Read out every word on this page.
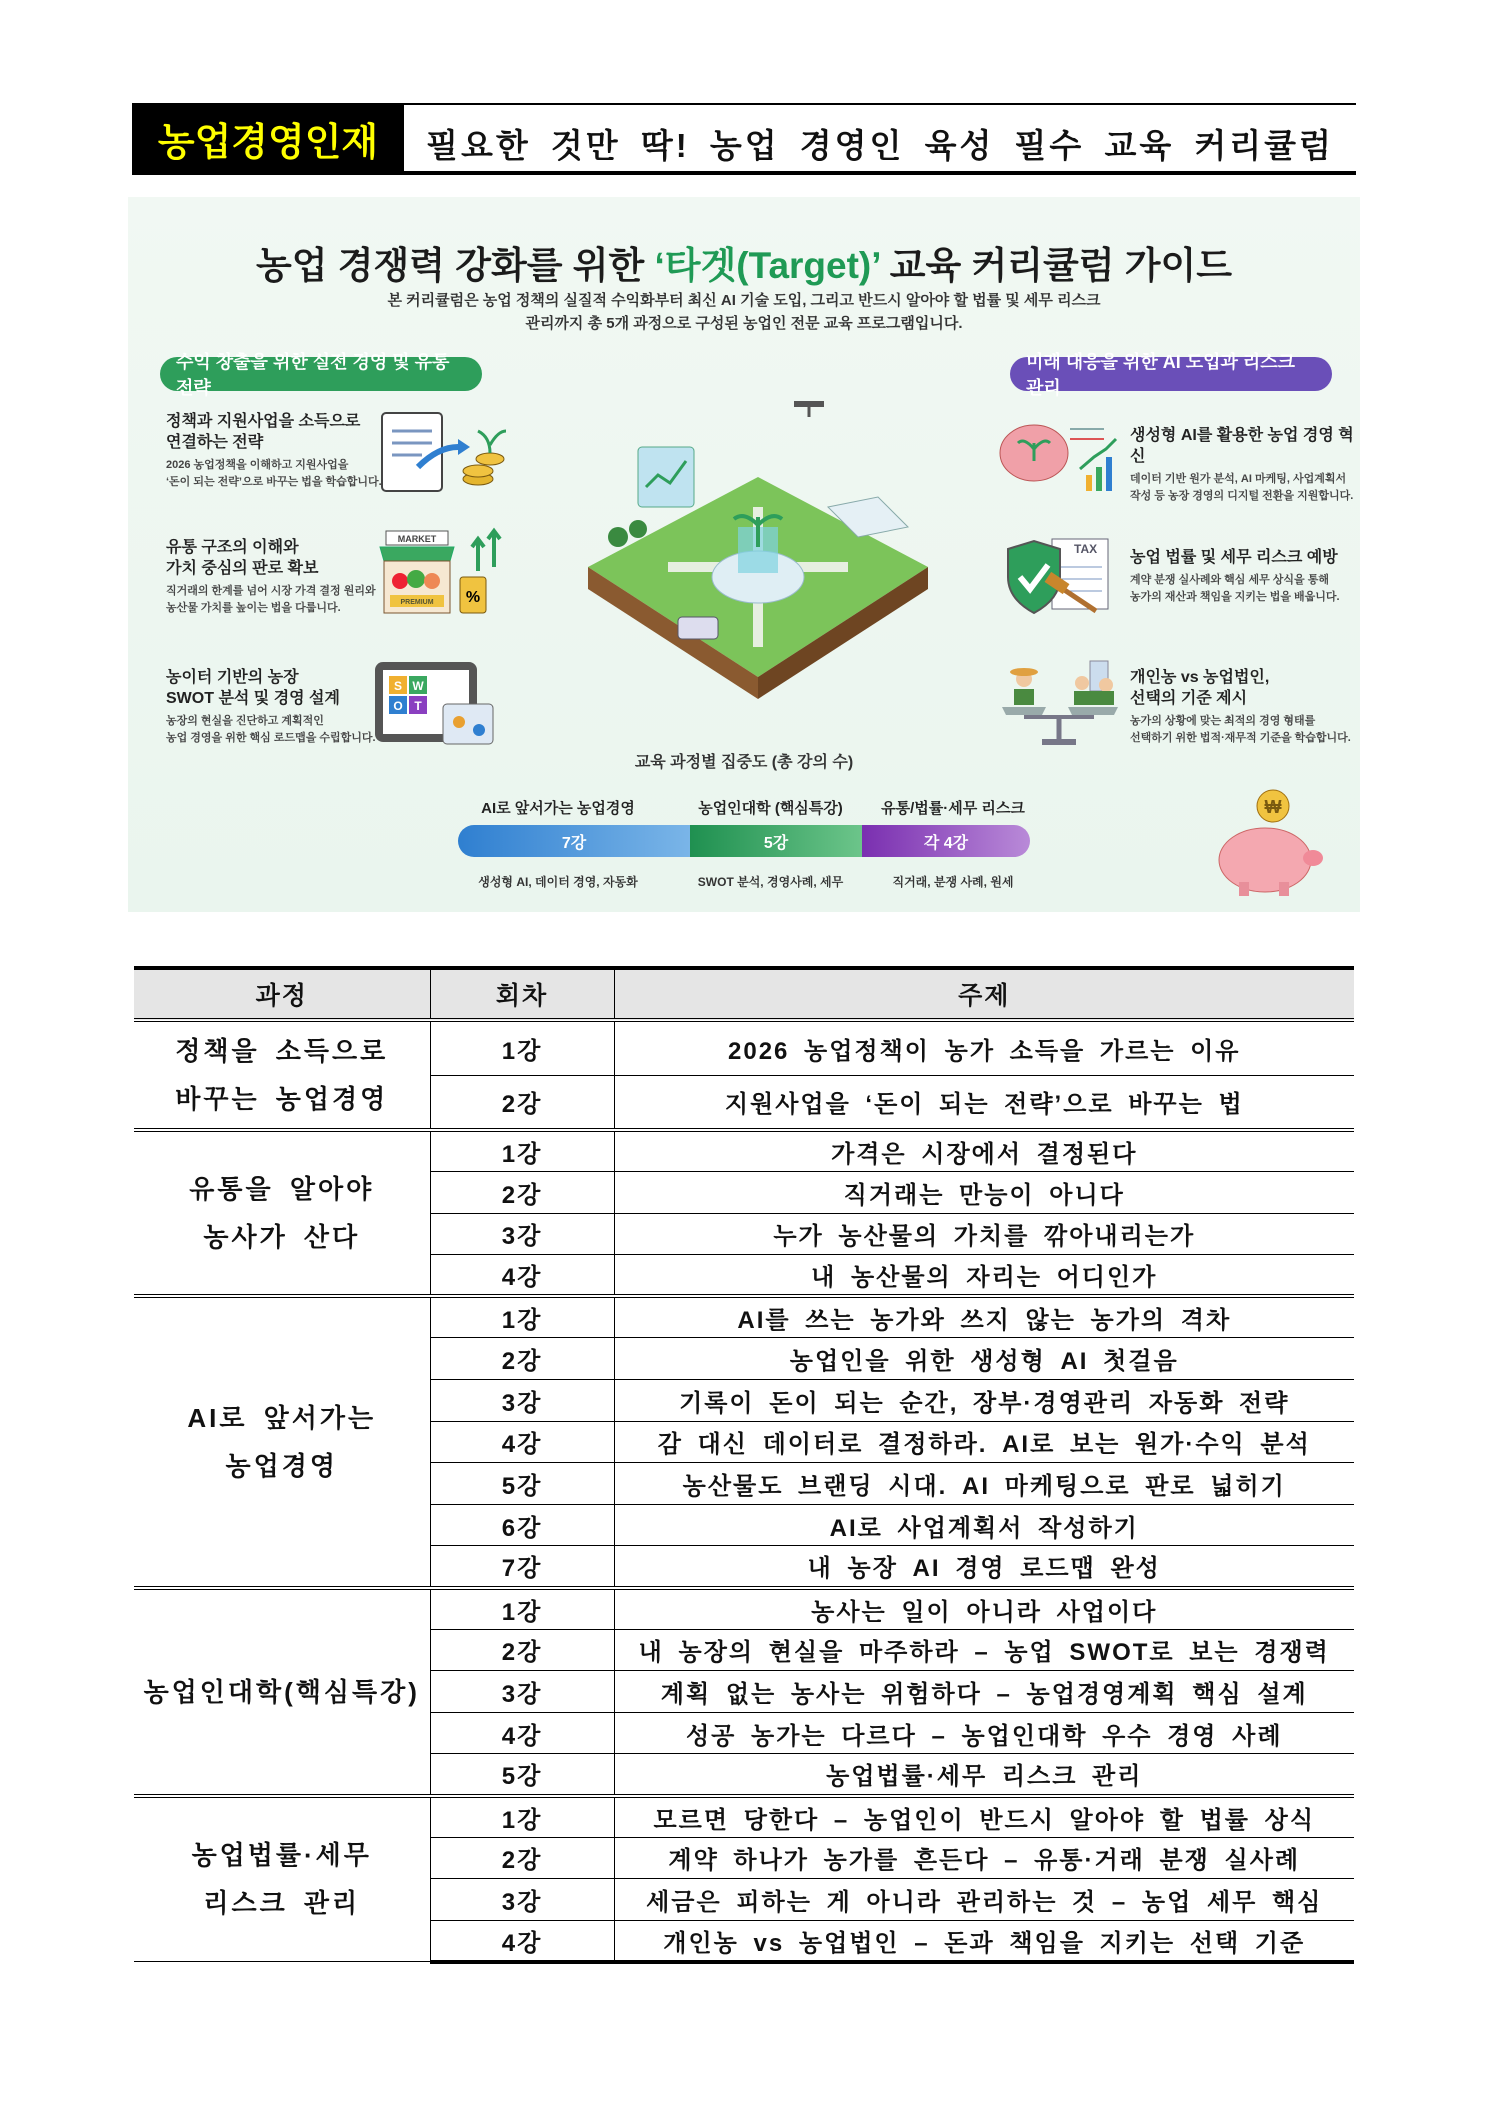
농업경영인재	필요한 것만 딱! 농업 경영인 육성 필수 교육 커리큘럼
농업 경쟁력 강화를 위한 ‘타겟(Target)’ 교육 커리큘럼 가이드
본 커리큘럼은 농업 정책의 실질적 수익화부터 최신 AI 기술 도입, 그리고 반드시 알아야 할 법률 및 세무 리스크
관리까지 총 5개 과정으로 구성된 농업인 전문 교육 프로그램입니다.
수익 창출을 위한 실전 경영 및 유통 전략
미래 대응을 위한 AI 도입과 리스크 관리
정책과 지원사업을 소득으로
연결하는 전략
2026 농업정책을 이해하고 지원사업을
‘돈이 되는 전략’으로 바꾸는 법을 학습합니다.
유통 구조의 이해와
가치 중심의 판로 확보
직거래의 한계를 넘어 시장 가격 결정 원리와
농산물 가치를 높이는 법을 다룹니다.
MARKET
PREMIUM %
농이터 기반의 농장
SWOT 분석 및 경영 설계
농장의 현실을 진단하고 계획적인
농업 경영을 위한 핵심 로드맵을 수립합니다.
S W
O T
생성형 AI를 활용한 농업 경영 혁신
데이터 기반 원가 분석, AI 마케팅, 사업계획서
작성 등 농장 경영의 디지털 전환을 지원합니다.
TAX 농업 법률 및 세무 리스크 예방
계약 분쟁 실사례와 핵심 세무 상식을 통해
농가의 재산과 책임을 지키는 법을 배웁니다.
개인농 vs 농업법인,
선택의 기준 제시
농가의 상황에 맞는 최적의 경영 형태를
선택하기 위한 법적·재무적 기준을 학습합니다.
교육 과정별 집중도 (총 강의 수)
AI로 앞서가는 농업경영	농업인대학 (핵심특강)	유통/법률·세무 리스크
7강	5강	각 4강
생성형 AI, 데이터 경영, 자동화	SWOT 분석, 경영사례, 세무	직거래, 분쟁 사례, 원세
₩
과정	회차	주제

정책을 소득으로
바꾸는 농업경영	1강	2026 농업정책이 농가 소득을 가르는 이유
	2강	지원사업을 ‘돈이 되는 전략’으로 바꾸는 법

유통을 알아야
농사가 산다	1강	가격은 시장에서 결정된다
	2강	직거래는 만능이 아니다
	3강	누가 농산물의 가치를 깎아내리는가
	4강	내 농산물의 자리는 어디인가

AI로 앞서가는
농업경영	1강	AI를 쓰는 농가와 쓰지 않는 농가의 격차
	2강	농업인을 위한 생성형 AI 첫걸음
	3강	기록이 돈이 되는 순간, 장부·경영관리 자동화 전략
	4강	감 대신 데이터로 결정하라. AI로 보는 원가·수익 분석
	5강	농산물도 브랜딩 시대. AI 마케팅으로 판로 넓히기
	6강	AI로 사업계획서 작성하기
	7강	내 농장 AI 경영 로드맵 완성

농업인대학(핵심특강)	1강	농사는 일이 아니라 사업이다
	2강	내 농장의 현실을 마주하라 – 농업 SWOT로 보는 경쟁력
	3강	계획 없는 농사는 위험하다 – 농업경영계획 핵심 설계
	4강	성공 농가는 다르다 – 농업인대학 우수 경영 사례
	5강	농업법률·세무 리스크 관리

농업법률·세무
리스크 관리	1강	모르면 당한다 – 농업인이 반드시 알아야 할 법률 상식
	2강	계약 하나가 농가를 흔든다 – 유통·거래 분쟁 실사례
	3강	세금은 피하는 게 아니라 관리하는 것 – 농업 세무 핵심
	4강	개인농 vs 농업법인 – 돈과 책임을 지키는 선택 기준
